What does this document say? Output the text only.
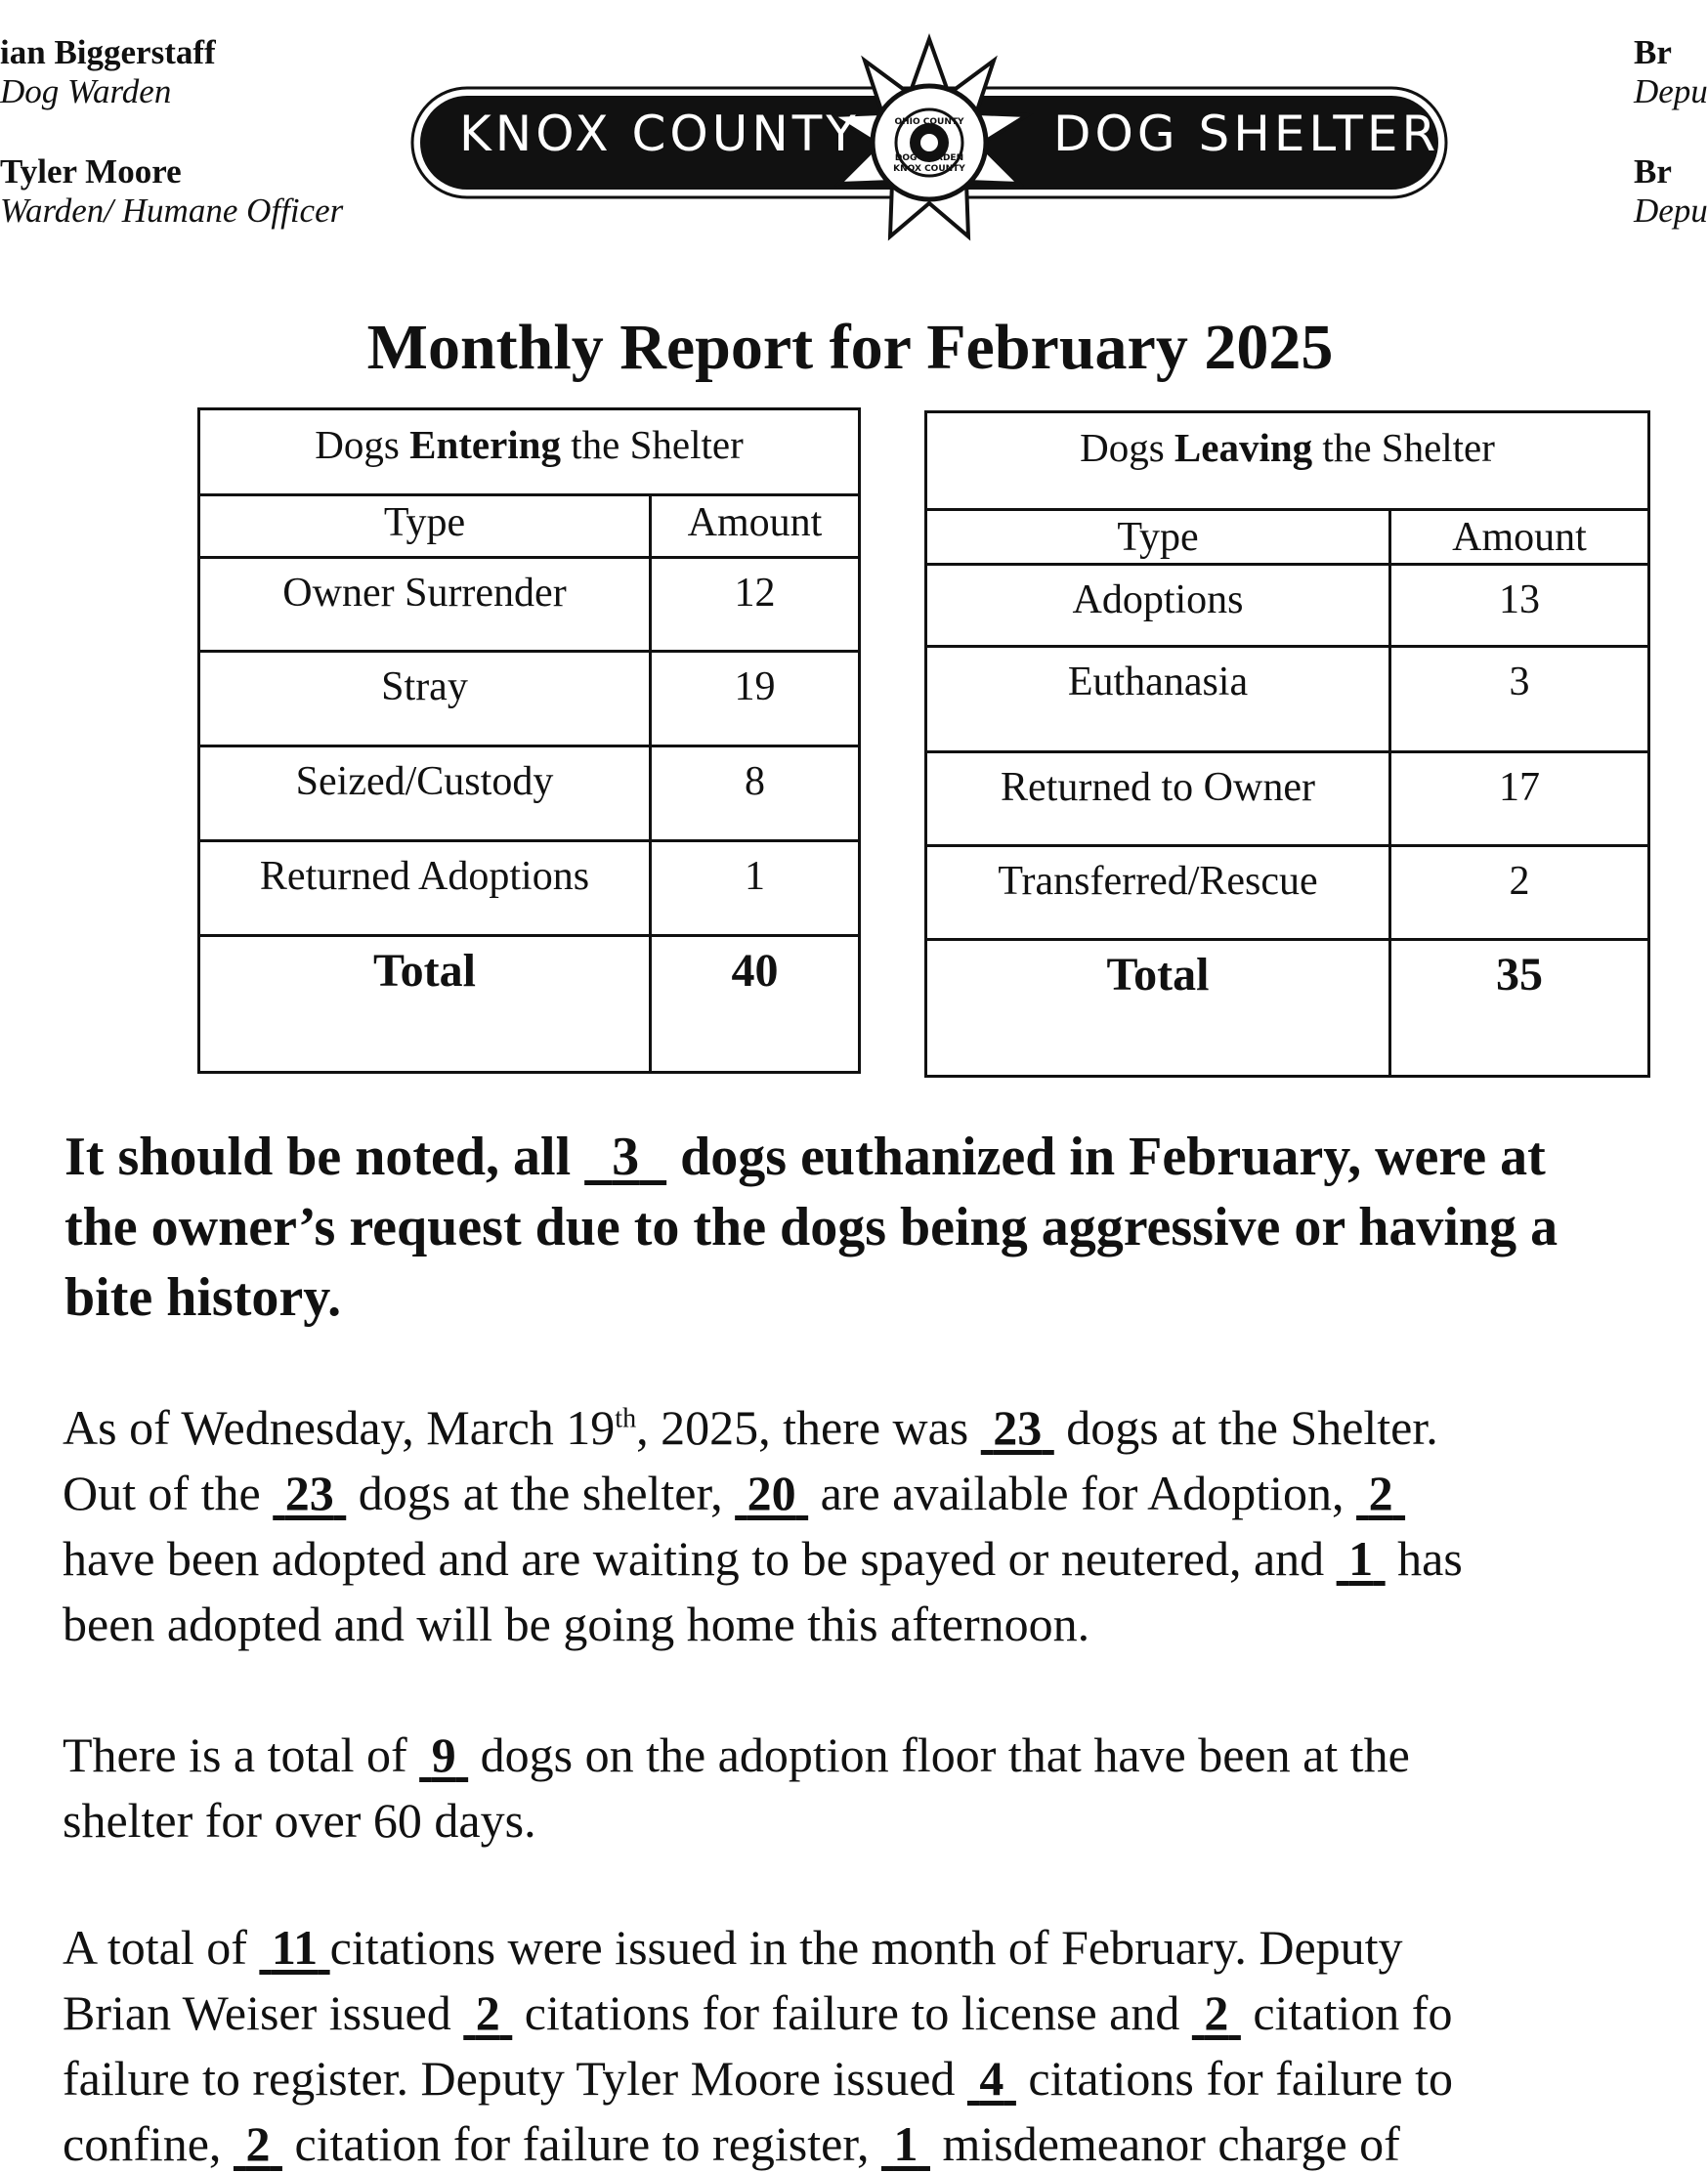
ian Biggerstaff
Dog Warden
Tyler Moore
Warden/ Humane Officer
Br
Depu
Br
Depu
KNOX COUNTY	DOG SHELTER
OHIO COUNTY
DOG WARDEN
KNOX COUNTY
Monthly Report for February 2025
Dogs Entering the Shelter	
Type	Amount
Owner Surrender	12
Stray	19
Seized/Custody	8
Returned Adoptions	1
Total	40
Dogs Leaving the Shelter	
Type	Amount
Adoptions	13
Euthanasia	3
Returned to Owner	17
Transferred/Rescue	2
Total	35
It should be noted, all   3   dogs euthanized in February, were at
the owner’s request due to the dogs being aggressive or having a
bite history.
As of Wednesday, March 19th, 2025, there was  23  dogs at the Shelter.
Out of the  23  dogs at the shelter,  20  are available for Adoption,  2
have been adopted and are waiting to be spayed or neutered, and  1  has
been adopted and will be going home this afternoon.
There is a total of  9  dogs on the adoption floor that have been at the
shelter for over 60 days.
A total of  11 citations were issued in the month of February. Deputy
Brian Weiser issued  2  citations for failure to license and  2  citation fo
failure to register. Deputy Tyler Moore issued  4  citations for failure to
confine,  2  citation for failure to register,  1  misdemeanor charge of
